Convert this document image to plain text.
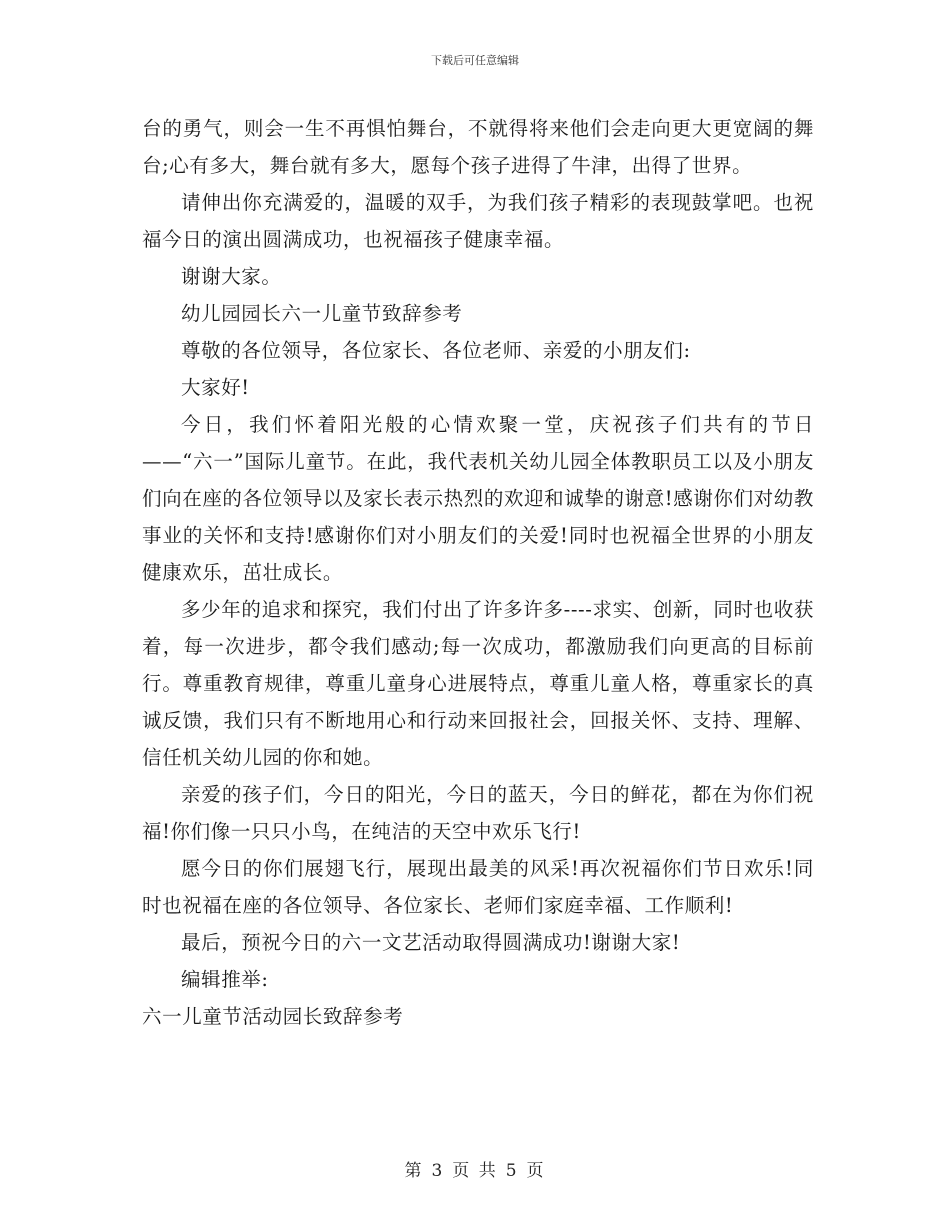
下载后可任意编辑

台的勇气，则会一生不再惧怕舞台，不就得将来他们会走向更大更宽阔的舞台;心有多大，舞台就有多大，愿每个孩子进得了牛津，出得了世界。

请伸出你充满爱的，温暖的双手，为我们孩子精彩的表现鼓掌吧。也祝福今日的演出圆满成功，也祝福孩子健康幸福。

谢谢大家。

幼儿园园长六一儿童节致辞参考

尊敬的各位领导，各位家长、各位老师、亲爱的小朋友们:

大家好!

今日，我们怀着阳光般的心情欢聚一堂，庆祝孩子们共有的节日——“六一”国际儿童节。在此，我代表机关幼儿园全体教职员工以及小朋友们向在座的各位领导以及家长表示热烈的欢迎和诚挚的谢意!感谢你们对幼教事业的关怀和支持!感谢你们对小朋友们的关爱!同时也祝福全世界的小朋友健康欢乐，茁壮成长。

多少年的追求和探究，我们付出了许多许多----求实、创新，同时也收获着，每一次进步，都令我们感动;每一次成功，都激励我们向更高的目标前行。尊重教育规律，尊重儿童身心进展特点，尊重儿童人格，尊重家长的真诚反馈，我们只有不断地用心和行动来回报社会，回报关怀、支持、理解、信任机关幼儿园的你和她。

亲爱的孩子们，今日的阳光，今日的蓝天，今日的鲜花，都在为你们祝福!你们像一只只小鸟，在纯洁的天空中欢乐飞行!

愿今日的你们展翅飞行，展现出最美的风采!再次祝福你们节日欢乐!同时也祝福在座的各位领导、各位家长、老师们家庭幸福、工作顺利!

最后，预祝今日的六一文艺活动取得圆满成功!谢谢大家!

编辑推举:

六一儿童节活动园长致辞参考

第 3 页 共 5 页
